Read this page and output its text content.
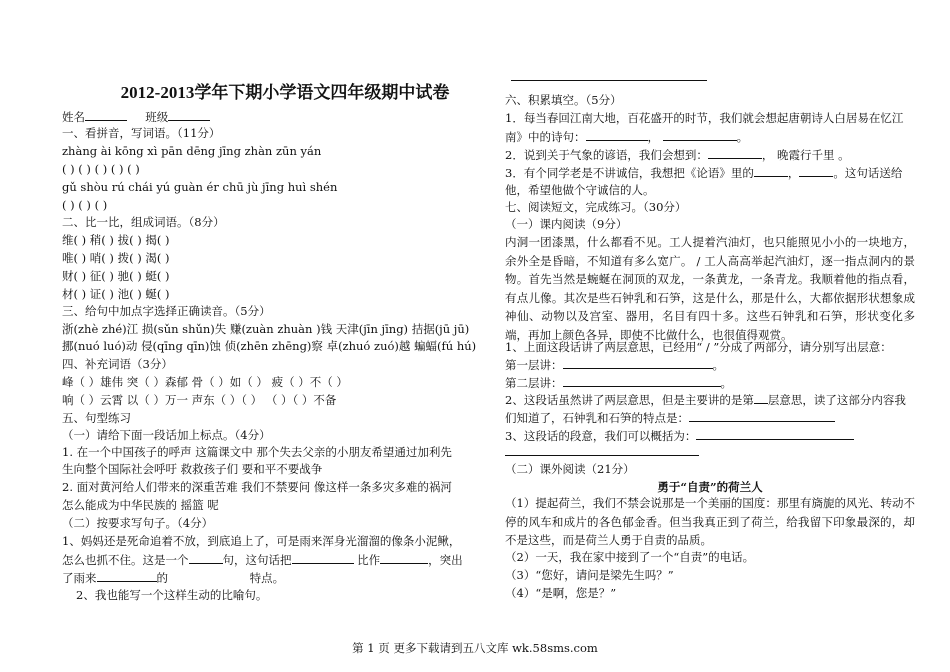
2012-2013学年下期小学语文四年级期中试卷
姓名	班级
一、看拼音，写词语。（11分）
zhàng ài kōng xì pān dēng jīng zhàn zūn yán
( ) ( ) ( ) ( ) ( )
gǔ shòu rú chái yú guàn ér chū jù jīng huì shén
( ) ( ) ( )
二、比一比，组成词语。（8分）
维( ) 稍( ) 拔( ) 揭( )
唯( ) 哨( ) 拨( ) 渴( )
财( ) 征( ) 驰( ) 蜓( )
材( ) 证( ) 池( ) 蜒( )
三、给句中加点字选择正确读音。（5分）
浙(zhè zhé)江 损(sǔn shǔn)失 赚(zuàn zhuàn )钱 天津(jīn jīng) 拮据(jū jū)
挪(nuó luó)动 侵(qīng qīn)蚀 侦(zhēn zhēng)察 卓(zhuó zuó)越 蝙蝠(fú hú)
四、补充词语（3分）
峰（ ）雄伟 突（ ）森郁 骨（ ）如（ ） 疲（ ）不（ ）
响（ ）云霄 以（ ）万一 声东（ ）（ ） （ ）（ ）不备
五、句型练习
（一）请给下面一段话加上标点。（4分）
1. 在一个中国孩子的呼声 这篇课文中 那个失去父亲的小朋友希望通过加利先
生向整个国际社会呼吁 救救孩子们 要和平不要战争
2. 面对黄河给人们带来的深重苦难 我们不禁要问 像这样一条多灾多难的祸河
怎么能成为中华民族的 摇篮 呢
（二）按要求写句子。（4分）
1、妈妈还是死命追着不放，到底追上了，可是雨来浑身光溜溜的像条小泥鳅，
怎么也抓不住。这是一个	句，这句话把	比作	，突出
了雨来	的	特点。
2、我也能写一个这样生动的比喻句。
六、积累填空。（5分）
1．每当春回江南大地，百花盛开的时节，我们就会想起唐朝诗人白居易在忆江
南》中的诗句：	，	。
2．说到关于气象的谚语，我们会想到：	， 晚霞行千里 。
3．有个同学老是不讲诚信，我想把《论语》里的	，	。这句话送给
他，希望他做个守诚信的人。
七、阅读短文，完成练习。（30分）
（一）课内阅读（9分）
内洞一团漆黑，什么都看不见。工人提着汽油灯，也只能照见小小的一块地方，余外全是昏暗，不知道有多么宽广。 / 工人高高举起汽油灯，逐一指点洞内的景物。首先当然是蜿蜒在洞顶的双龙，一条黄龙，一条青龙。我顺着他的指点看，有点儿像。其次是些石钟乳和石笋，这是什么，那是什么，大都依据形状想象成神仙、动物以及宫室、器用，名目有四十多。这些石钟乳和石笋，形状变化多端，再加上颜色各异，即使不比做什么，也很值得观赏。
1、上面这段话讲了两层意思，已经用“ / ”分成了两部分，请分别写出层意：
第一层讲：	。
第二层讲：	。
2、这段话虽然讲了两层意思，但是主要讲的是第 层意思，读了这部分内容我
们知道了，石钟乳和石笋的特点是：
3、这段话的段意，我们可以概括为：
（二）课外阅读（21分）
勇于“自责”的荷兰人
（1）提起荷兰，我们不禁会说那是一个美丽的国度：那里有旖旎的风光、转动不停的风车和成片的各色郁金香。但当我真正到了荷兰，给我留下印象最深的，却不是这些，而是荷兰人勇于自责的品质。
（2）一天，我在家中接到了一个“自责”的电话。
（3）“您好，请问是梁先生吗？”
（4）“是啊，您是？”
第 1 页 更多下载请到五八文库 wk.58sms.com
